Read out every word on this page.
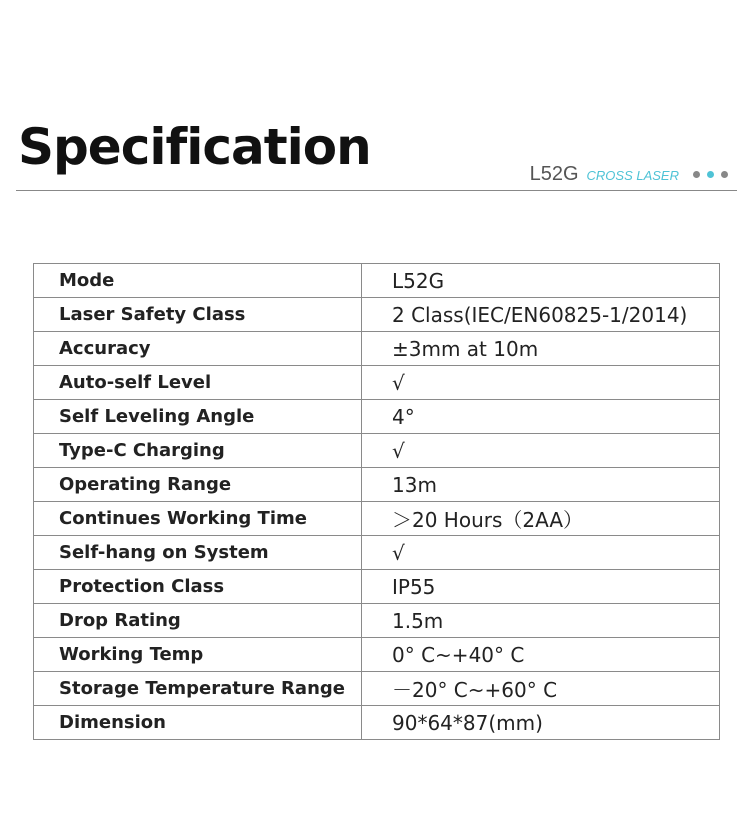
Specification	L52G CROSS LASER
Mode	L52G
Laser Safety Class	2 Class(IEC/EN60825-1/2014)
Accuracy	±3mm at 10m
Auto-self Level	√
Self Leveling Angle	4°
Type-C Charging	√
Operating Range	13m
Continues Working Time	＞20 Hours（2AA）
Self-hang on System	√
Protection Class	IP55
Drop Rating	1.5m
Working Temp	0° C~+40° C
Storage Temperature Range	－20° C~+60° C
Dimension	90*64*87(mm)
